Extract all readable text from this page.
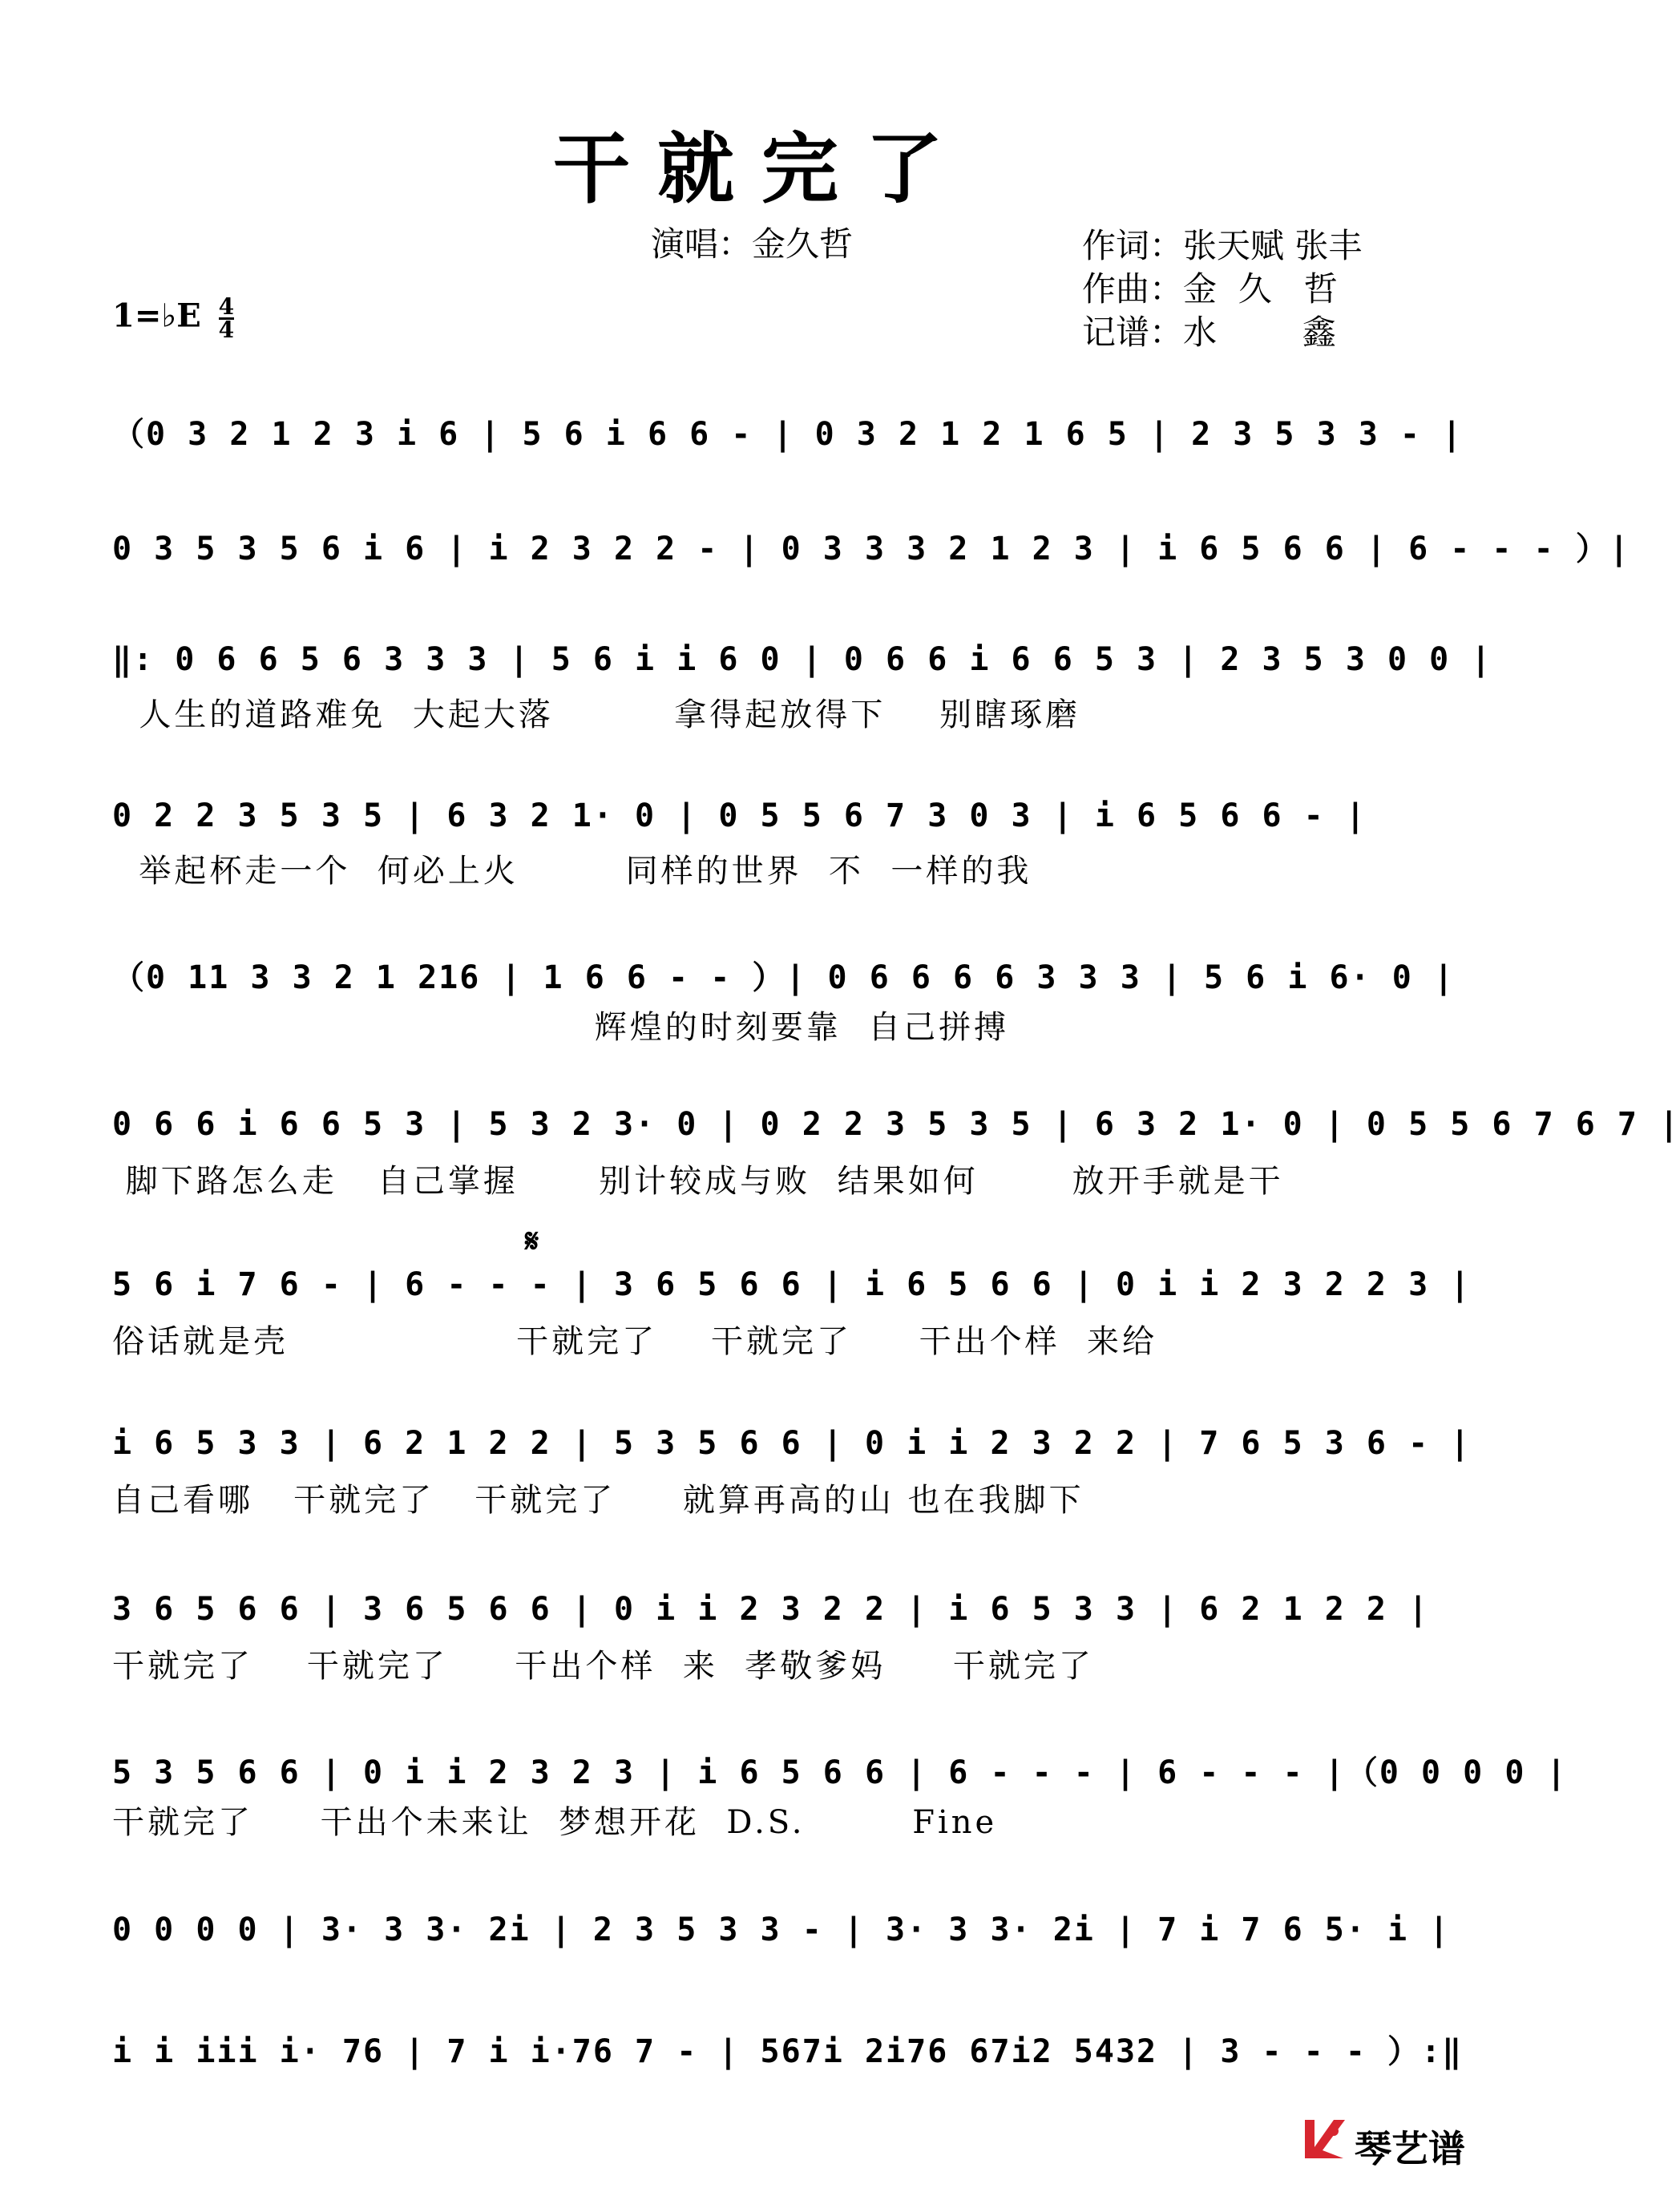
干就完了
演唱：金久哲	作词：张天赋 张丰
作曲：金  久   哲
记谱：水        鑫
1=♭E $\frac{4}{4}$
（0 3 2 1 2 3 i 6 | 5 6 i 6 6 - | 0 3 2 1 2 1 6 5 | 2 3 5 3 3 - |
0 3 5 3 5 6 i 6 | i 2 3 2 2 - | 0 3 3 3 2 1 2 3 | i 6 5 6 6 | 6 - - - ）|
‖: 0 6 6 5 6 3 3 3 | 5 6 i i 6 0 | 0 6 6 i 6 6 5 3 | 2 3 5 3 0 0 |
人生的道路难免  大起大落         拿得起放得下    别瞎琢磨
0 2 2 3 5 3 5 | 6 3 2 1· 0 | 0 5 5 6 7 3 0 3 | i 6 5 6 6 - |
举起杯走一个  何必上火        同样的世界  不  一样的我
（0 11 3 3 2 1 216 | 1 6 6 - - ）| 0 6 6 6 6 3 3 3 | 5 6 i 6· 0 |
辉煌的时刻要靠  自己拼搏
0 6 6 i 6 6 5 3 | 5 3 2 3· 0 | 0 2 2 3 5 3 5 | 6 3 2 1· 0 | 0 5 5 6 7 6 7 |
脚下路怎么走   自己掌握      别计较成与败  结果如何       放开手就是干
𝄋
5 6 i 7 6 - | 6 - - - | 3 6 5 6 6 | i 6 5 6 6 | 0 i i 2 3 2 2 3 |
俗话就是壳                 干就完了    干就完了     干出个样  来给
i 6 5 3 3 | 6 2 1 2 2 | 5 3 5 6 6 | 0 i i 2 3 2 2 | 7 6 5 3 6 - |
自己看哪   干就完了   干就完了     就算再高的山 也在我脚下
3 6 5 6 6 | 3 6 5 6 6 | 0 i i 2 3 2 2 | i 6 5 3 3 | 6 2 1 2 2 |
干就完了    干就完了     干出个样  来  孝敬爹妈     干就完了
5 3 5 6 6 | 0 i i 2 3 2 3 | i 6 5 6 6 | 6 - - - | 6 - - - |（0 0 0 0 |
干就完了     干出个未来让  梦想开花  D.S.        Fine
0 0 0 0 | 3· 3 3· 2i | 2 3 5 3 3 - | 3· 3 3· 2i | 7 i 7 6 5· i |
i i iii i· 76 | 7 i i·76 7 - | 567i 2i76 67i2 5432 | 3 - - - ）:‖
琴艺谱
